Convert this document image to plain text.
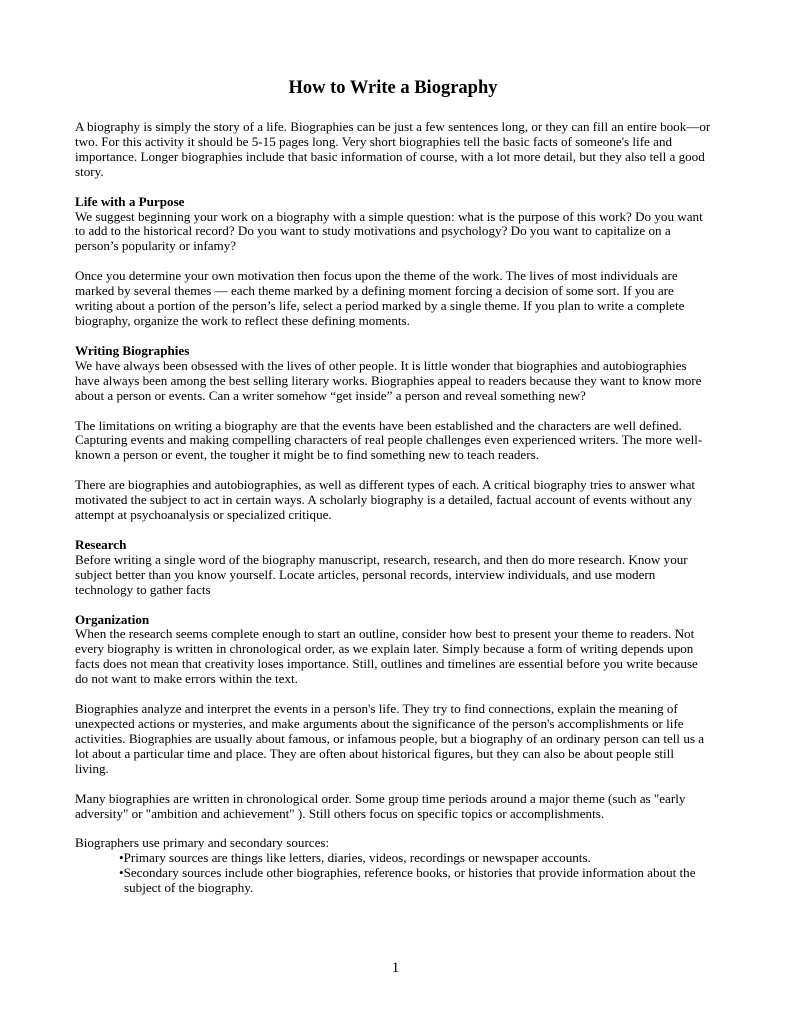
How to Write a Biography

A biography is simply the story of a life. Biographies can be just a few sentences long, or they can fill an entire book—or two. For this activity it should be 5-15 pages long. Very short biographies tell the basic facts of someone's life and importance. Longer biographies include that basic information of course, with a lot more detail, but they also tell a good story.

Life with a Purpose
We suggest beginning your work on a biography with a simple question: what is the purpose of this work? Do you want to add to the historical record? Do you want to study motivations and psychology? Do you want to capitalize on a person’s popularity or infamy?

Once you determine your own motivation then focus upon the theme of the work. The lives of most individuals are marked by several themes — each theme marked by a defining moment forcing a decision of some sort. If you are writing about a portion of the person’s life, select a period marked by a single theme. If you plan to write a complete biography, organize the work to reflect these defining moments.

Writing Biographies
We have always been obsessed with the lives of other people. It is little wonder that biographies and autobiographies have always been among the best selling literary works. Biographies appeal to readers because they want to know more about a person or events. Can a writer somehow “get inside” a person and reveal something new?

The limitations on writing a biography are that the events have been established and the characters are well defined. Capturing events and making compelling characters of real people challenges even experienced writers. The more well-known a person or event, the tougher it might be to find something new to teach readers.

There are biographies and autobiographies, as well as different types of each. A critical biography tries to answer what motivated the subject to act in certain ways. A scholarly biography is a detailed, factual account of events without any attempt at psychoanalysis or specialized critique.

Research
Before writing a single word of the biography manuscript, research, research, and then do more research. Know your subject better than you know yourself. Locate articles, personal records, interview individuals, and use modern technology to gather facts

Organization
When the research seems complete enough to start an outline, consider how best to present your theme to readers. Not every biography is written in chronological order, as we explain later. Simply because a form of writing depends upon facts does not mean that creativity loses importance. Still, outlines and timelines are essential before you write because do not want to make errors within the text.

Biographies analyze and interpret the events in a person's life. They try to find connections, explain the meaning of unexpected actions or mysteries, and make arguments about the significance of the person's accomplishments or life activities. Biographies are usually about famous, or infamous people, but a biography of an ordinary person can tell us a lot about a particular time and place. They are often about historical figures, but they can also be about people still living.

Many biographies are written in chronological order. Some group time periods around a major theme (such as "early adversity" or "ambition and achievement" ). Still others focus on specific topics or accomplishments.

Biographers use primary and secondary sources:

•Primary sources are things like letters, diaries, videos, recordings or newspaper accounts.
•Secondary sources include other biographies, reference books, or histories that provide information about the subject of the biography.

1
